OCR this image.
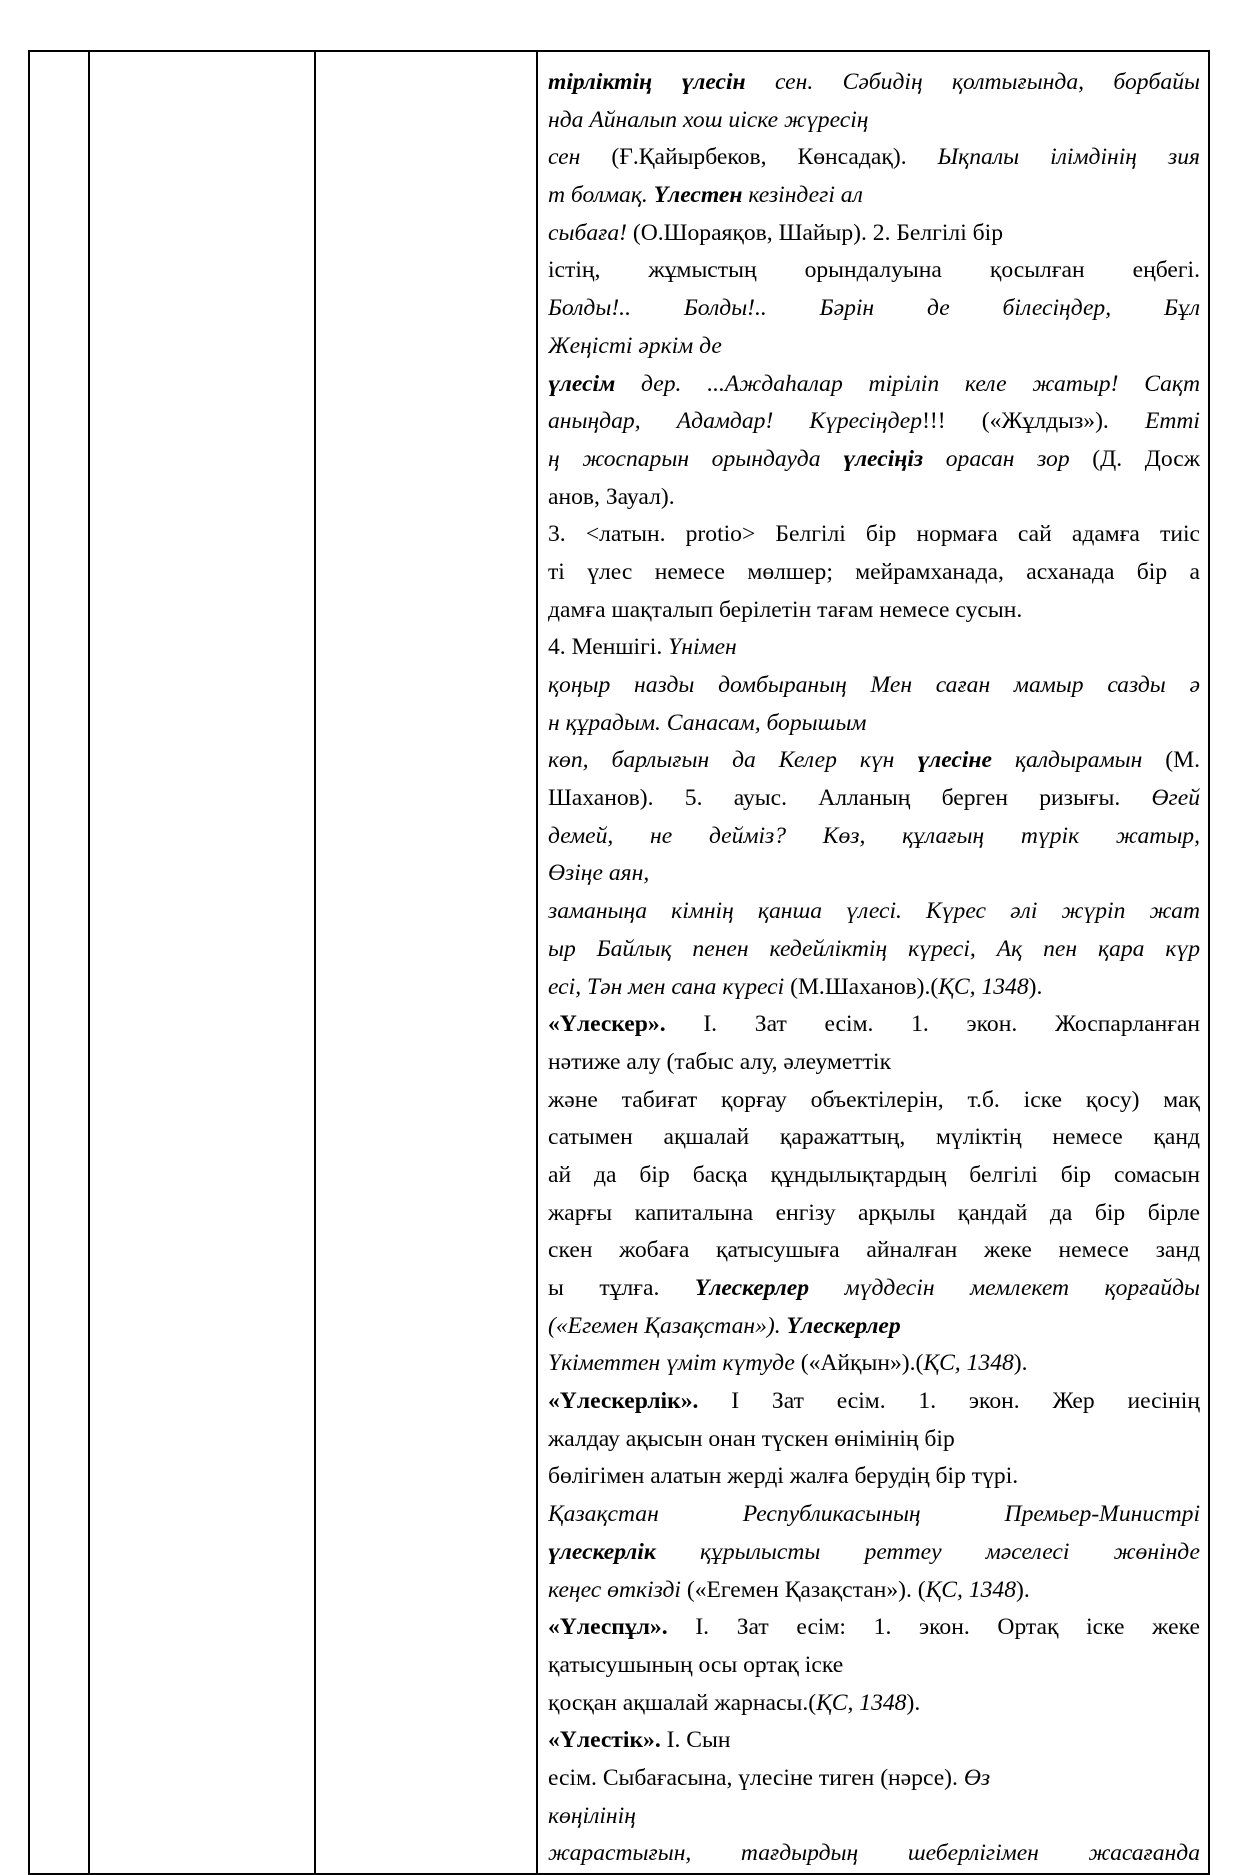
тірліктің үлесін сен. Сәбидің қолтығында, борбайы
нда Айналып хош иіске жүресің
сен (Ғ.Қайырбеков, Көнсадақ). Ықпалы ілімдінің зия
т болмақ. Үлестен кезіндегі ал
сыбаға! (О.Шораяқов, Шайыр). 2. Белгілі бір
істің, жұмыстың орындалуына қосылған еңбегі.
Болды!.. Болды!.. Бәрін де білесіңдер, Бұл
Жеңісті әркім де
үлесім дер. ...Аждаһалар тірiлiп келе жатыр! Сақт
аныңдар, Адамдар! Күресіңдер!!! («Жұлдыз»). Етті
ң жоспарын орындауда үлесіңіз орасан зор (Д. Досж
анов, Зауал).
3. <латын. protio> Белгілі бір нормаға сай адамға тиіс
ті үлес немесе мөлшер; мейрамханада, асханада бір а
дамға шақталып берілетін тағам немесе сусын.
4. Меншігі. Үнімен
қоңыр назды домбыраның Мен саған мамыр сазды ә
н құрадым. Санасам, борышым
көп, барлығын да Келер күн үлесіне қалдырамын (М.
Шаханов). 5. ауыс. Алланың берген ризығы. Өгей
демей, не дейміз? Көз, құлағың түрік жатыр,
Өзіңе аян,
заманыңа кімнің қанша үлесі. Күрес әлі жүріп жат
ыр Байлық пенен кедейліктің күресі, Ақ пен қара күр
есі, Тән мен сана күресі (М.Шаханов).(ҚС, 1348).
«Үлескер». І. Зат есім. 1. экон. Жоспарланған
нәтиже алу (табыс алу, әлеуметтік
және табиғат қорғау объектілерін, т.б. іске қосу) мақ
сатымен ақшалай қаражаттың, мүліктің немесе қанд
ай да бір басқа құндылықтардың белгілі бір сомасын
жарғы капиталына енгізу арқылы қандай да бір бірле
скен жобаға қатысушыға айналған жеке немесе занд
ы тұлға. Үлескерлер мүддесін мемлекет қорғайды
(«Егемен Қазақстан»). Үлескерлер
Үкіметтен үміт күтуде («Айқын»).(ҚС, 1348).
«Үлескерлік». І Зат есім. 1. экон. Жер иесінің
жалдау ақысын онан түскен өнімінің бір
бөлігімен алатын жерді жалға берудің бір түрі.
Қазақстан Республикасының Премьер-Министрі
үлескерлік құрылысты реттеу мәселесі жөнінде
кеңес өткізді («Егемен Қазақстан»). (ҚС, 1348).
«Үлеспұл». І. Зат есім: 1. экон. Ортақ іске жеке
қатысушының осы ортақ іске
қосқан ақшалай жарнасы.(ҚС, 1348).
«Үлестік». І. Сын
есім. Сыбағасына, үлесіне тиген (нәрсе). Өз
көңілінің
жарастығын, тағдырдың шеберлігімен жасағанда
